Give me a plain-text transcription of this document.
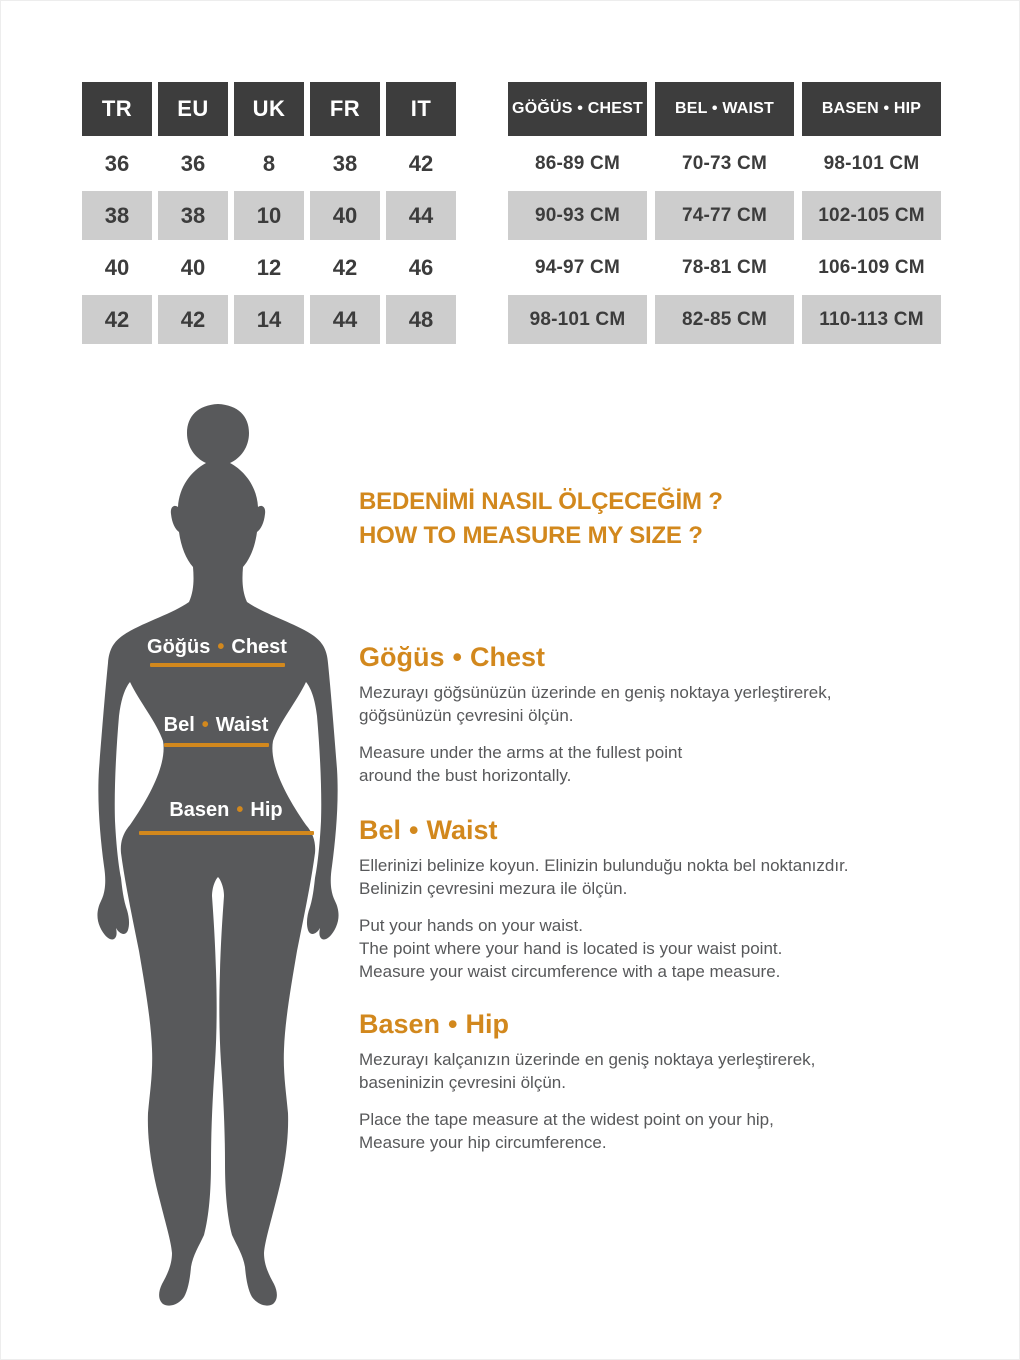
TR	EU	UK	FR	IT
36	36	8	38	42
38	38	10	40	44
40	40	12	42	46
42	42	14	44	48
GÖĞÜS • CHEST	BEL • WAIST	BASEN • HIP
86-89 CM	70-73 CM	98-101 CM
90-93 CM	74-77 CM	102-105 CM
94-97 CM	78-81 CM	106-109 CM
98-101 CM	82-85 CM	110-113 CM
Göğüs • Chest
Bel • Waist
Basen • Hip
BEDENİMİ NASIL ÖLÇECEĞİM ?
HOW TO MEASURE MY SIZE ?
Göğüs • Chest
Mezurayı göğsünüzün üzerinde en geniş noktaya yerleştirerek,
göğsünüzün çevresini ölçün.
Measure under the arms at the fullest point
around the bust horizontally.
Bel • Waist
Ellerinizi belinize koyun. Elinizin bulunduğu nokta bel noktanızdır.
Belinizin çevresini mezura ile ölçün.
Put your hands on your waist.
The point where your hand is located is your waist point.
Measure your waist circumference with a tape measure.
Basen • Hip
Mezurayı kalçanızın üzerinde en geniş noktaya yerleştirerek,
baseninizin çevresini ölçün.
Place the tape measure at the widest point on your hip,
Measure your hip circumference.
